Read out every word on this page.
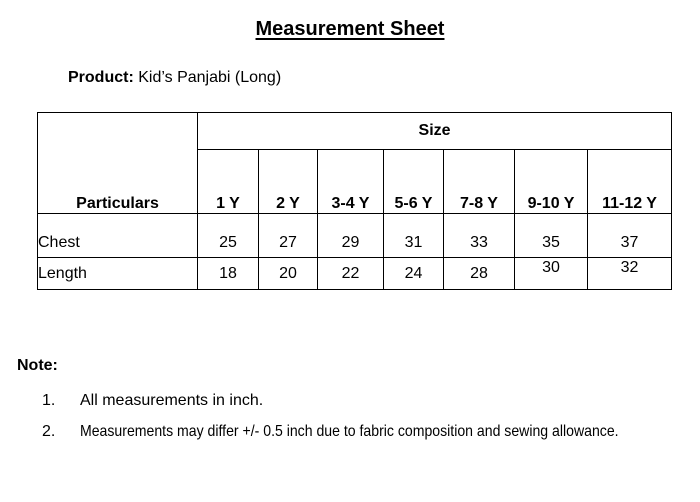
Measurement Sheet
Product: Kid’s Panjabi (Long)
Particulars	Size						
	1 Y	2 Y	3-4 Y	5-6 Y	7-8 Y	9-10 Y	11-12 Y
Chest	25	27	29	31	33	35	37
Length	18	20	22	24	28	30	32
Note:
1.	All measurements in inch.
2.	Measurements may differ +/- 0.5 inch due to fabric composition and sewing allowance.
